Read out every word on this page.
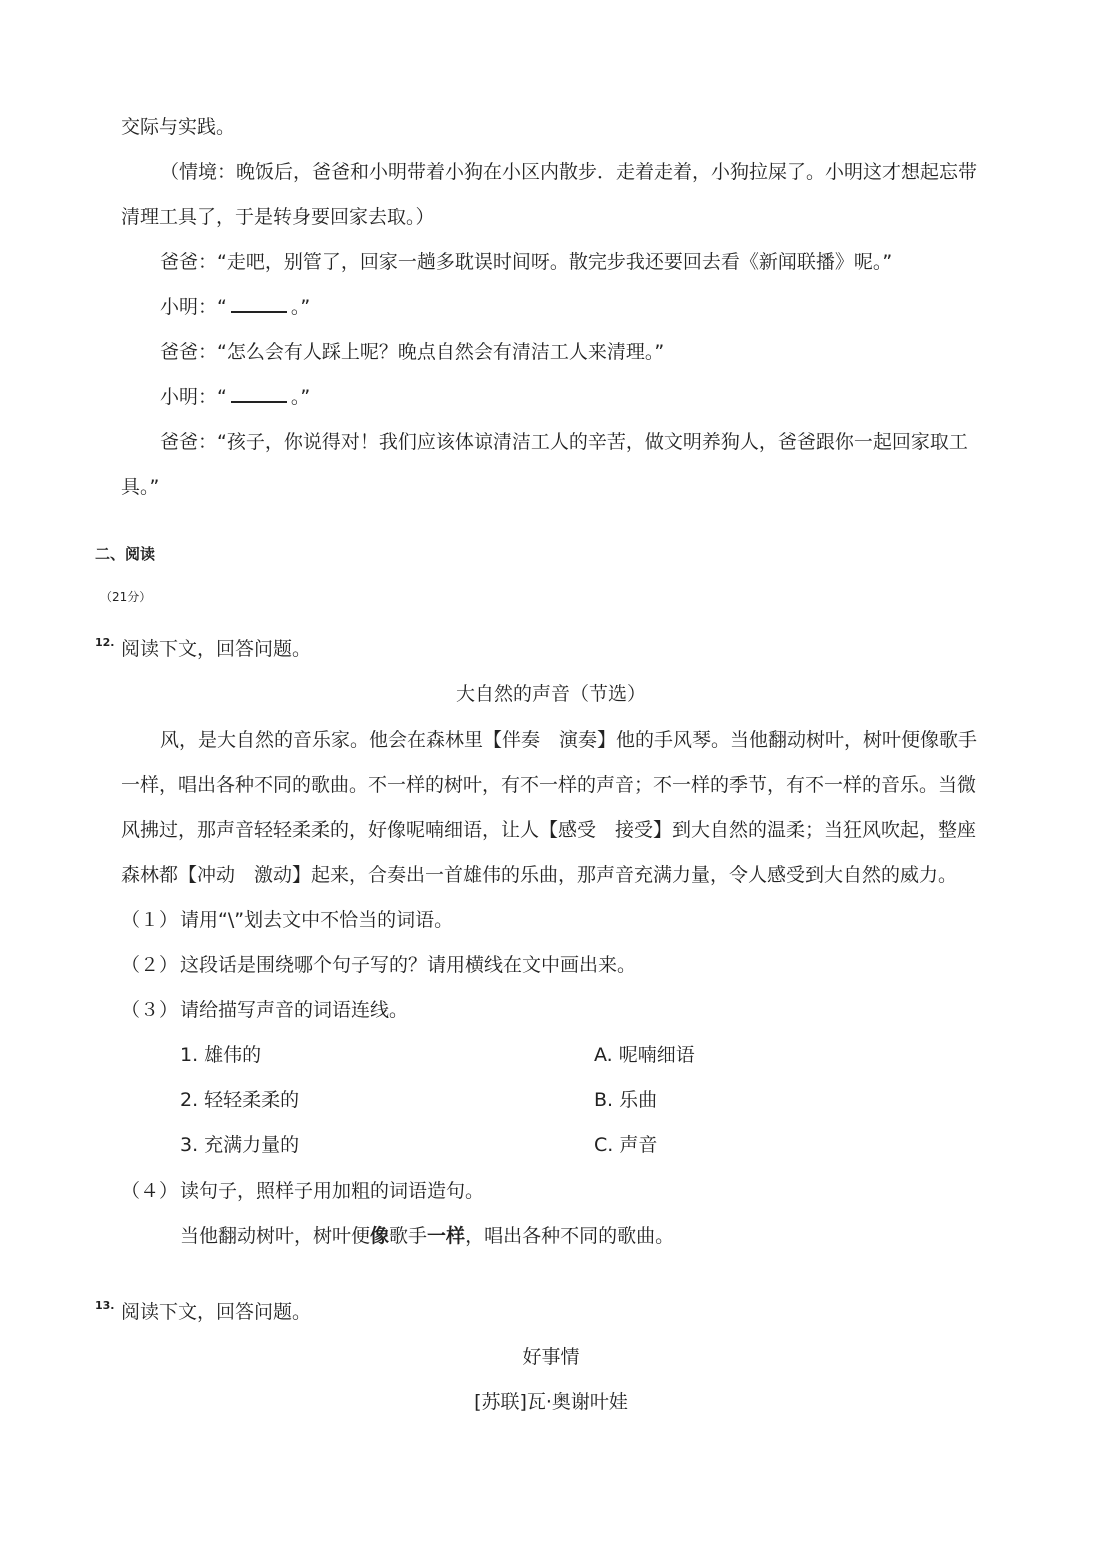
交际与实践。
（情境：晚饭后，爸爸和小明带着小狗在小区内散步．走着走着，小狗拉屎了。小明这才想起忘带
清理工具了，于是转身要回家去取。）
爸爸：“走吧，别管了，回家一趟多耽误时间呀。散完步我还要回去看《新闻联播》呢。”
小明：“	。”
爸爸：“怎么会有人踩上呢？晚点自然会有清洁工人来清理。”
小明：“	。”
爸爸：“孩子，你说得对！我们应该体谅清洁工人的辛苦，做文明养狗人，爸爸跟你一起回家取工
具。”
二、阅读
（21分）
12. 阅读下文，回答问题。
大自然的声音（节选）
风，是大自然的音乐家。他会在森林里【伴奏　演奏】他的手风琴。当他翻动树叶，树叶便像歌手
一样，唱出各种不同的歌曲。不一样的树叶，有不一样的声音；不一样的季节，有不一样的音乐。当微
风拂过，那声音轻轻柔柔的，好像呢喃细语，让人【感受　接受】到大自然的温柔；当狂风吹起，整座
森林都【冲动　激动】起来，合奏出一首雄伟的乐曲，那声音充满力量，令人感受到大自然的威力。
（１） 请用“\”划去文中不恰当的词语。
（２） 这段话是围绕哪个句子写的？请用横线在文中画出来。
（３） 请给描写声音的词语连线。
1. 雄伟的	A. 呢喃细语
2. 轻轻柔柔的	B. 乐曲
3. 充满力量的	C. 声音
（４） 读句子，照样子用加粗的词语造句。
当他翻动树叶，树叶便像歌手一样，唱出各种不同的歌曲。
13. 阅读下文，回答问题。
好事情
[苏联]瓦·奥谢叶娃
